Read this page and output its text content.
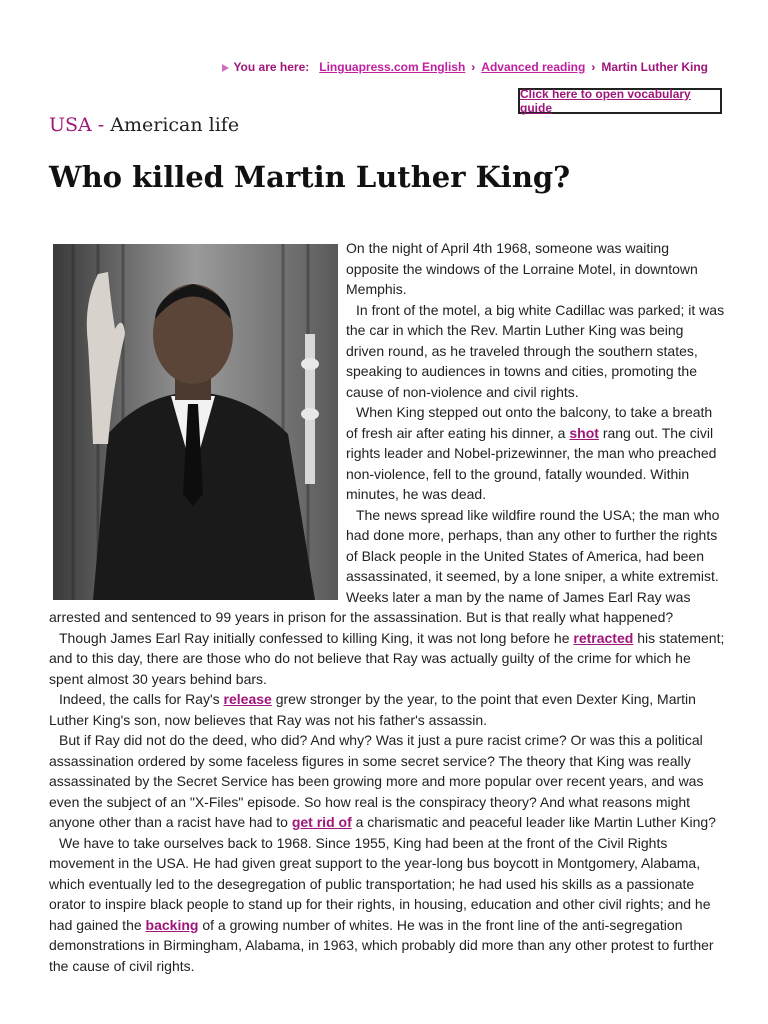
You are here: Linguapress.com English › Advanced reading › Martin Luther King
Click here to open vocabulary guide
USA - American life
Who killed Martin Luther King?

On the night of April 4th 1968, someone was waiting opposite the windows of the Lorraine Motel, in downtown Memphis.

In front of the motel, a big white Cadillac was parked; it was the car in which the Rev. Martin Luther King was being driven round, as he traveled through the southern states, speaking to audiences in towns and cities, promoting the cause of non-violence and civil rights.

When King stepped out onto the balcony, to take a breath of fresh air after eating his dinner, a shot rang out. The civil rights leader and Nobel-prizewinner, the man who preached non-violence, fell to the ground, fatally wounded. Within minutes, he was dead.

The news spread like wildfire round the USA; the man who had done more, perhaps, than any other to further the rights of Black people in the United States of America, had been assassinated, it seemed, by a lone sniper, a white extremist. Weeks later a man by the name of James Earl Ray was arrested and sentenced to 99 years in prison for the assassination. But is that really what happened?

Though James Earl Ray initially confessed to killing King, it was not long before he retracted his statement; and to this day, there are those who do not believe that Ray was actually guilty of the crime for which he spent almost 30 years behind bars.

Indeed, the calls for Ray's release grew stronger by the year, to the point that even Dexter King, Martin Luther King's son, now believes that Ray was not his father's assassin.

But if Ray did not do the deed, who did? And why? Was it just a pure racist crime? Or was this a political assassination ordered by some faceless figures in some secret service? The theory that King was really assassinated by the Secret Service has been growing more and more popular over recent years, and was even the subject of an "X-Files" episode. So how real is the conspiracy theory? And what reasons might anyone other than a racist have had to get rid of a charismatic and peaceful leader like Martin Luther King?

We have to take ourselves back to 1968. Since 1955, King had been at the front of the Civil Rights movement in the USA. He had given great support to the year-long bus boycott in Montgomery, Alabama, which eventually led to the desegregation of public transportation; he had used his skills as a passionate orator to inspire black people to stand up for their rights, in housing, education and other civil rights; and he had gained the backing of a growing number of whites. He was in the front line of the anti-segregation demonstrations in Birmingham, Alabama, in 1963, which probably did more than any other protest to further the cause of civil rights.
